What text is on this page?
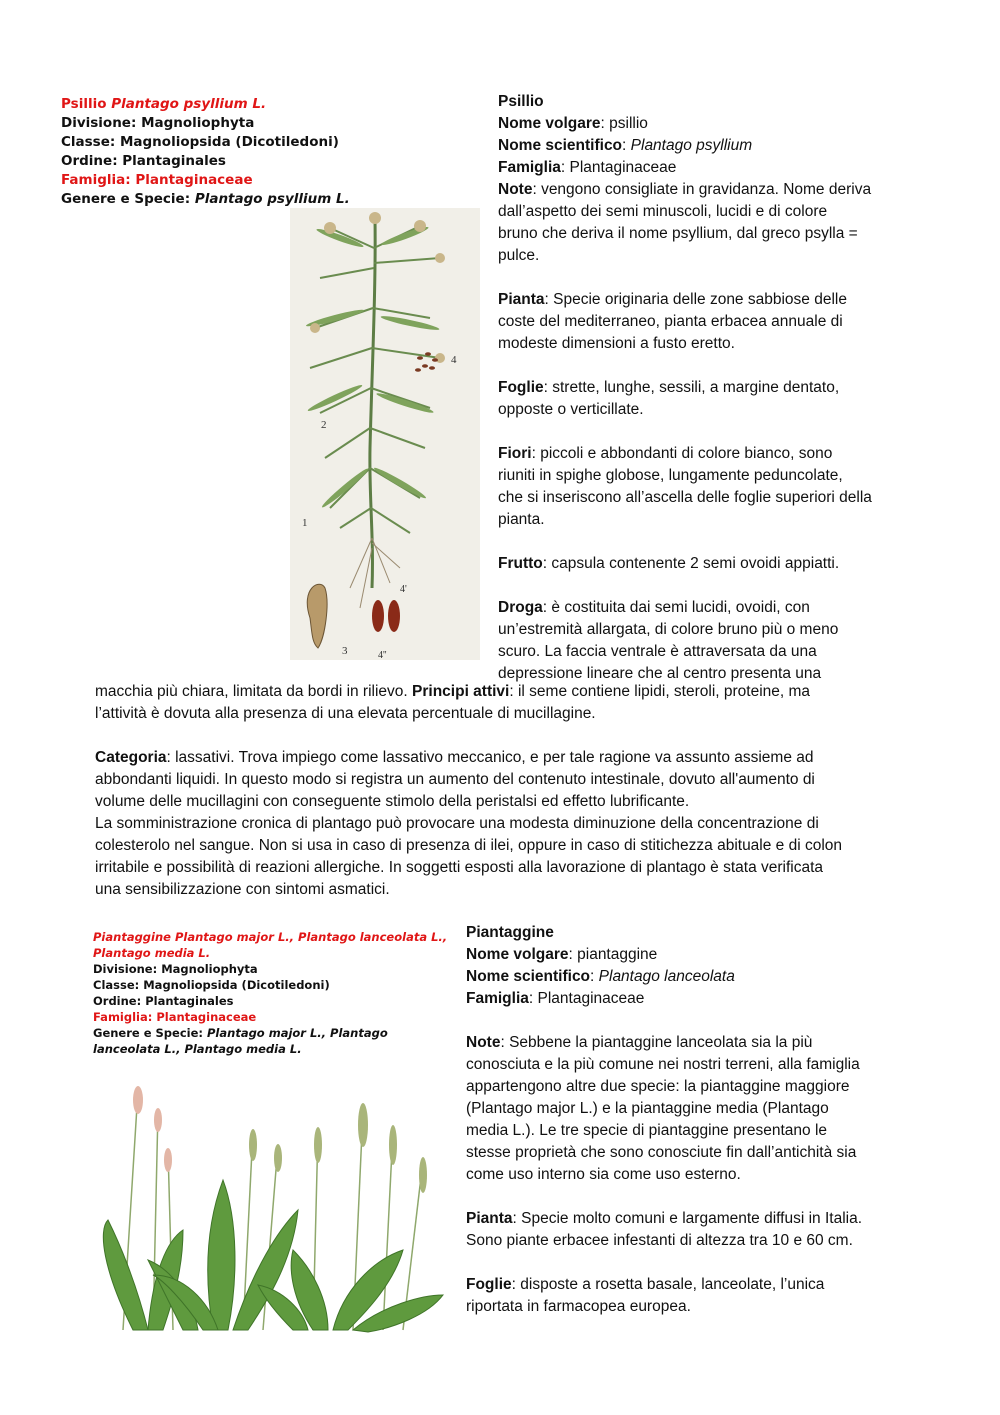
Psillio Plantago psyllium L.
Divisione: Magnoliophyta
Classe: Magnoliopsida (Dicotiledoni)
Ordine: Plantaginales
Famiglia: Plantaginaceae
Genere e Specie: Plantago psyllium L.
1
2
3
4
4'
4''

Psillio

Nome volgare: psillio

Nome scientifico: Plantago psyllium

Famiglia: Plantaginaceae

Note: vengono consigliate in gravidanza. Nome deriva

dall’aspetto dei semi minuscoli, lucidi e di colore

bruno che deriva il nome psyllium, dal greco psylla =

pulce.

Pianta: Specie originaria delle zone sabbiose delle

coste del mediterraneo, pianta erbacea annuale di

modeste dimensioni a fusto eretto.

Foglie: strette, lunghe, sessili, a margine dentato,

opposte o verticillate.

Fiori: piccoli e abbondanti di colore bianco, sono

riuniti in spighe globose, lungamente peduncolate,

che si inseriscono all’ascella delle foglie superiori della

pianta.

Frutto: capsula contenente 2 semi ovoidi appiatti.

Droga: è costituita dai semi lucidi, ovoidi, con

un’estremità allargata, di colore bruno più o meno

scuro. La faccia ventrale è attraversata da una

depressione lineare che al centro presenta una

macchia più chiara, limitata da bordi in rilievo. Principi attivi: il seme contiene lipidi, steroli, proteine, ma

l’attività è dovuta alla presenza di una elevata percentuale di mucillagine.

Categoria: lassativi. Trova impiego come lassativo meccanico, e per tale ragione va assunto assieme ad

abbondanti liquidi. In questo modo si registra un aumento del contenuto intestinale, dovuto all'aumento di

volume delle mucillagini con conseguente stimolo della peristalsi ed effetto lubrificante.

La somministrazione cronica di plantago può provocare una modesta diminuzione della concentrazione di

colesterolo nel sangue. Non si usa in caso di presenza di ilei, oppure in caso di stitichezza abituale e di colon

irritabile e possibilità di reazioni allergiche. In soggetti esposti alla lavorazione di plantago è stata verificata

una sensibilizzazione con sintomi asmatici.

Piantaggine Plantago major L., Plantago lanceolata L.,
Plantago media L.
Divisione: Magnoliophyta
Classe: Magnoliopsida (Dicotiledoni)
Ordine: Plantaginales
Famiglia: Plantaginaceae
Genere e Specie: Plantago major L., Plantago
lanceolata L., Plantago media L.

Piantaggine

Nome volgare: piantaggine

Nome scientifico: Plantago lanceolata

Famiglia: Plantaginaceae

Note: Sebbene la piantaggine lanceolata sia la più

conosciuta e la più comune nei nostri terreni, alla famiglia

appartengono altre due specie: la piantaggine maggiore

(Plantago major L.) e la piantaggine media (Plantago

media L.). Le tre specie di piantaggine presentano le

stesse proprietà che sono conosciute fin dall’antichità sia

come uso interno sia come uso esterno.

Pianta: Specie molto comuni e largamente diffusi in Italia.

Sono piante erbacee infestanti di altezza tra 10 e 60 cm.

Foglie: disposte a rosetta basale, lanceolate, l’unica

riportata in farmacopea europea.
